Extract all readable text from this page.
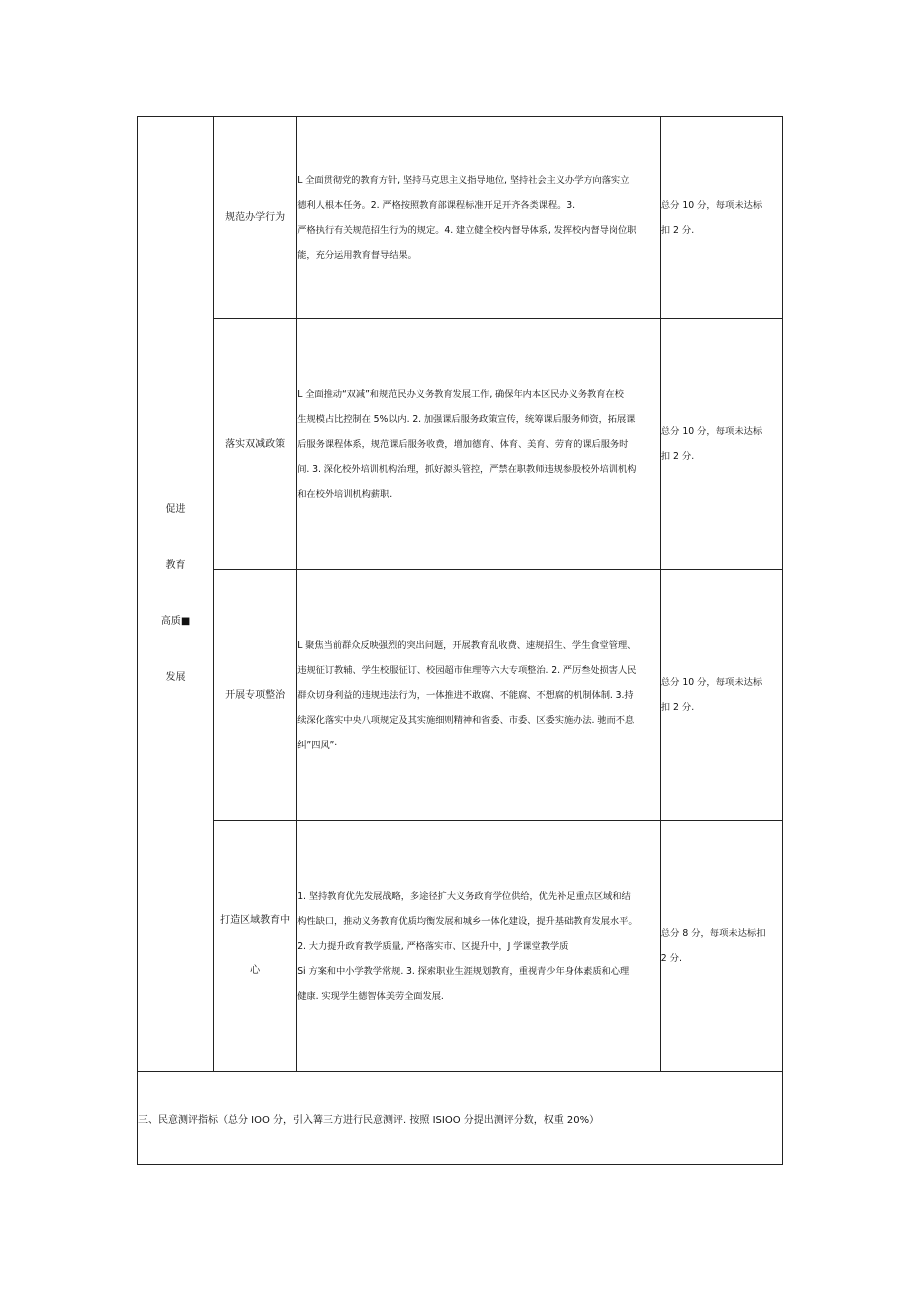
促进
教育
高质■
发展	规范办学行为	L 全面贯彻党的教育方针, 坚持马克思主义指导地位, 坚持社会主义办学方向落实立
德利人根本任务。2. 严格按照教育部课程标准开足开齐各类课程。3.
严格执行有关规范招生行为的规定。4. 建立健全校内督导体系, 发挥校内督导岗位职
能，充分运用教育督导结果。	总分 10 分，每项未达标
扣 2 分.

	落实双减政策	L 全面推动“双减”和规范民办义务教育发展工作, 确保年内本区民办义务教育在校
生规模占比控制在 5%以内. 2. 加强课后服务政策宣传，统筹课后服务师资，拓展课
后服务课程体系，规范课后服务收费，增加德育、体育、美育、劳育的课后服务时
间. 3. 深化校外培训机构治理，抓好源头管控，严禁在职教师违规参股校外培训机构
和在校外培训机构薪职.	总分 10 分，每项未达标
扣 2 分.

	开展专项整治	L 聚焦当前群众反映强烈的突出问题，开展教育乱收费、速规招生、学生食堂管理、
违规征订教辅、学生校服征订、校园超市隹理等六大专项整治. 2. 严厉叁处损害人民
群众切身利益的违规违法行为，一体推进不敢腐、不能腐、不想腐的机制体制. 3.持
续深化落实中央八项规定及其实施细则精神和省委、市委、区委实施办法. 驰而不息
纠”四风”·	总分 10 分，每项未达标
扣 2 分.

	打造区域教育中
心	1. 坚持教育优先发展战略，多途径扩大义务政育学位供给，优先补足重点区域和结
构性缺口，推动义务教育优质均衡发展和城乡一体化建设，提升基础教育发展水平。
2. 大力提升政育教学质量, 严格落实市、区提升中，J 学课堂教学质
Si 方案和中小学教学常规. 3. 探索职业生涯规划教育，重视青少年身体素质和心理
健康. 实现学生德智体美劳全面发展.	总分 8 分，每项未达标扣
2 分.

三、民意测评指标（总分 IOO 分，引入篝三方进行民意测评. 按照 ISIOO 分提出测评分数，权重 20%）			
